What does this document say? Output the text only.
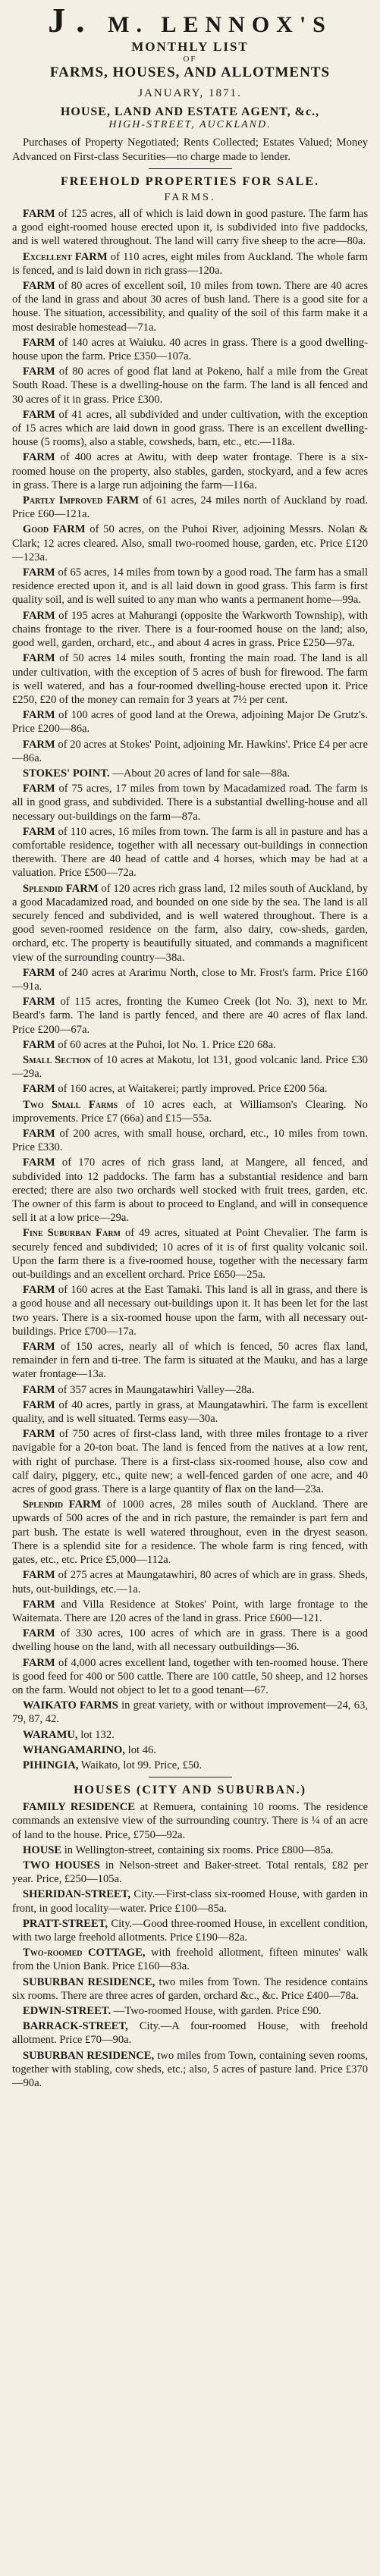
J. M. LENNOX'S
MONTHLY LIST
OF
FARMS, HOUSES, AND ALLOTMENTS
JANUARY, 1871.
HOUSE, LAND AND ESTATE AGENT, &c.,
HIGH-STREET, AUCKLAND.

Purchases of Property Negotiated; Rents Collected; Estates Valued; Money Advanced on First-class Securities—no charge made to lender.

FREEHOLD PROPERTIES FOR SALE.
FARMS.

FARM of 125 acres, all of which is laid down in good pasture. The farm has a good eight-roomed house erected upon it, is subdivided into five paddocks, and is well watered throughout. The land will carry five sheep to the acre—80a.

Excellent FARM of 110 acres, eight miles from Auckland. The whole farm is fenced, and is laid down in rich grass—120a.

FARM of 80 acres of excellent soil, 10 miles from town. There are 40 acres of the land in grass and about 30 acres of bush land. There is a good site for a house. The situation, accessibility, and quality of the soil of this farm make it a most desirable homestead—71a.

FARM of 140 acres at Waiuku. 40 acres in grass. There is a good dwelling-house upon the farm. Price £350—107a.

FARM of 80 acres of good flat land at Pokeno, half a mile from the Great South Road. These is a dwelling-house on the farm. The land is all fenced and 30 acres of it in grass. Price £300.

FARM of 41 acres, all subdivided and under cultivation, with the exception of 15 acres which are laid down in good grass. There is an excellent dwelling-house (5 rooms), also a stable, cowsheds, barn, etc., etc.—118a.

FARM of 400 acres at Awitu, with deep water frontage. There is a six-roomed house on the property, also stables, garden, stockyard, and a few acres in grass. There is a large run adjoining the farm—116a.

Partly Improved FARM of 61 acres, 24 miles north of Auckland by road. Price £60—121a.

Good FARM of 50 acres, on the Puhoi River, adjoining Messrs. Nolan & Clark; 12 acres cleared. Also, small two-roomed house, garden, etc. Price £120—123a.

FARM of 65 acres, 14 miles from town by a good road. The farm has a small residence erected upon it, and is all laid down in good grass. This farm is first quality soil, and is well suited to any man who wants a permanent home—99a.

FARM of 195 acres at Mahurangi (opposite the Warkworth Township), with chains frontage to the river. There is a four-roomed house on the land; also, good well, garden, orchard, etc., and about 4 acres in grass. Price £250—97a.

FARM of 50 acres 14 miles south, fronting the main road. The land is all under cultivation, with the exception of 5 acres of bush for firewood. The farm is well watered, and has a four-roomed dwelling-house erected upon it. Price £250, £20 of the money can remain for 3 years at 7½ per cent.

FARM of 100 acres of good land at the Orewa, adjoining Major De Grutz's. Price £200—86a.

FARM of 20 acres at Stokes' Point, adjoining Mr. Hawkins'. Price £4 per acre—86a.

STOKES' POINT. —About 20 acres of land for sale—88a.

FARM of 75 acres, 17 miles from town by Macadamized road. The farm is all in good grass, and subdivided. There is a substantial dwelling-house and all necessary out-buildings on the farm—87a.

FARM of 110 acres, 16 miles from town. The farm is all in pasture and has a comfortable residence, together with all necessary out-buildings in connection therewith. There are 40 head of cattle and 4 horses, which may be had at a valuation. Price £500—72a.

Splendid FARM of 120 acres rich grass land, 12 miles south of Auckland, by a good Macadamized road, and bounded on one side by the sea. The land is all securely fenced and subdivided, and is well watered throughout. There is a good seven-roomed residence on the farm, also dairy, cow-sheds, garden, orchard, etc. The property is beautifully situated, and commands a magnificent view of the surrounding country—38a.

FARM of 240 acres at Ararimu North, close to Mr. Frost's farm. Price £160—91a.

FARM of 115 acres, fronting the Kumeo Creek (lot No. 3), next to Mr. Beard's farm. The land is partly fenced, and there are 40 acres of flax land. Price £200—67a.

FARM of 60 acres at the Puhoi, lot No. 1. Price £20 68a.

Small Section of 10 acres at Makotu, lot 131, good volcanic land. Price £30—29a.

FARM of 160 acres, at Waitakerei; partly improved. Price £200 56a.

Two Small Farms of 10 acres each, at Williamson's Clearing. No improvements. Price £7 (66a) and £15—55a.

FARM of 200 acres, with small house, orchard, etc., 10 miles from town. Price £330.

FARM of 170 acres of rich grass land, at Mangere, all fenced, and subdivided into 12 paddocks. The farm has a substantial residence and barn erected; there are also two orchards well stocked with fruit trees, garden, etc. The owner of this farm is about to proceed to England, and will in consequence sell it at a low price—29a.

Fine Suburban Farm of 49 acres, situated at Point Chevalier. The farm is securely fenced and subdivided; 10 acres of it is of first quality volcanic soil. Upon the farm there is a five-roomed house, together with the necessary farm out-buildings and an excellent orchard. Price £650—25a.

FARM of 160 acres at the East Tamaki. This land is all in grass, and there is a good house and all necessary out-buildings upon it. It has been let for the last two years. There is a six-roomed house upon the farm, with all necessary out-buildings. Price £700—17a.

FARM of 150 acres, nearly all of which is fenced, 50 acres flax land, remainder in fern and ti-tree. The farm is situated at the Mauku, and has a large water frontage—13a.

FARM of 357 acres in Maungatawhiri Valley—28a.

FARM of 40 acres, partly in grass, at Maungatawhiri. The farm is excellent quality, and is well situated. Terms easy—30a.

FARM of 750 acres of first-class land, with three miles frontage to a river navigable for a 20-ton boat. The land is fenced from the natives at a low rent, with right of purchase. There is a first-class six-roomed house, also cow and calf dairy, piggery, etc., quite new; a well-fenced garden of one acre, and 40 acres of good grass. There is a large quantity of flax on the land—23a.

Splendid FARM of 1000 acres, 28 miles south of Auckland. There are upwards of 500 acres of the and in rich pasture, the remainder is part fern and part bush. The estate is well watered throughout, even in the dryest season. There is a splendid site for a residence. The whole farm is ring fenced, with gates, etc., etc. Price £5,000—112a.

FARM of 275 acres at Maungatawhiri, 80 acres of which are in grass. Sheds, huts, out-buildings, etc.—1a.

FARM and Villa Residence at Stokes' Point, with large frontage to the Waitemata. There are 120 acres of the land in grass. Price £600—121.

FARM of 330 acres, 100 acres of which are in grass. There is a good dwelling house on the land, with all necessary outbuildings—36.

FARM of 4,000 acres excellent land, together with ten-roomed house. There is good feed for 400 or 500 cattle. There are 100 cattle, 50 sheep, and 12 horses on the farm. Would not object to let to a good tenant—67.

WAIKATO FARMS in great variety, with or without improvement—24, 63, 79, 87, 42.

WARAMU, lot 132.

WHANGAMARINO, lot 46.

PIHINGIA, Waikato, lot 99. Price, £50.

HOUSES (CITY AND SUBURBAN.)

FAMILY RESIDENCE at Remuera, containing 10 rooms. The residence commands an extensive view of the surrounding country. There is ¼ of an acre of land to the house. Price, £750—92a.

HOUSE in Wellington-street, containing six rooms. Price £800—85a.

TWO HOUSES in Nelson-street and Baker-street. Total rentals, £82 per year. Price, £250—105a.

SHERIDAN-STREET, City.—First-class six-roomed House, with garden in front, in good locality—water. Price £100—85a.

PRATT-STREET, City.—Good three-roomed House, in excellent condition, with two large freehold allotments. Price £190—82a.

Two-roomed COTTAGE, with freehold allotment, fifteen minutes' walk from the Union Bank. Price £160—83a.

SUBURBAN RESIDENCE, two miles from Town. The residence contains six rooms. There are three acres of garden, orchard &c., &c. Price £400—78a.

EDWIN-STREET. —Two-roomed House, with garden. Price £90.

BARRACK-STREET, City.—A four-roomed House, with freehold allotment. Price £70—90a.

SUBURBAN RESIDENCE, two miles from Town, containing seven rooms, together with stabling, cow sheds, etc.; also, 5 acres of pasture land. Price £370—90a.
